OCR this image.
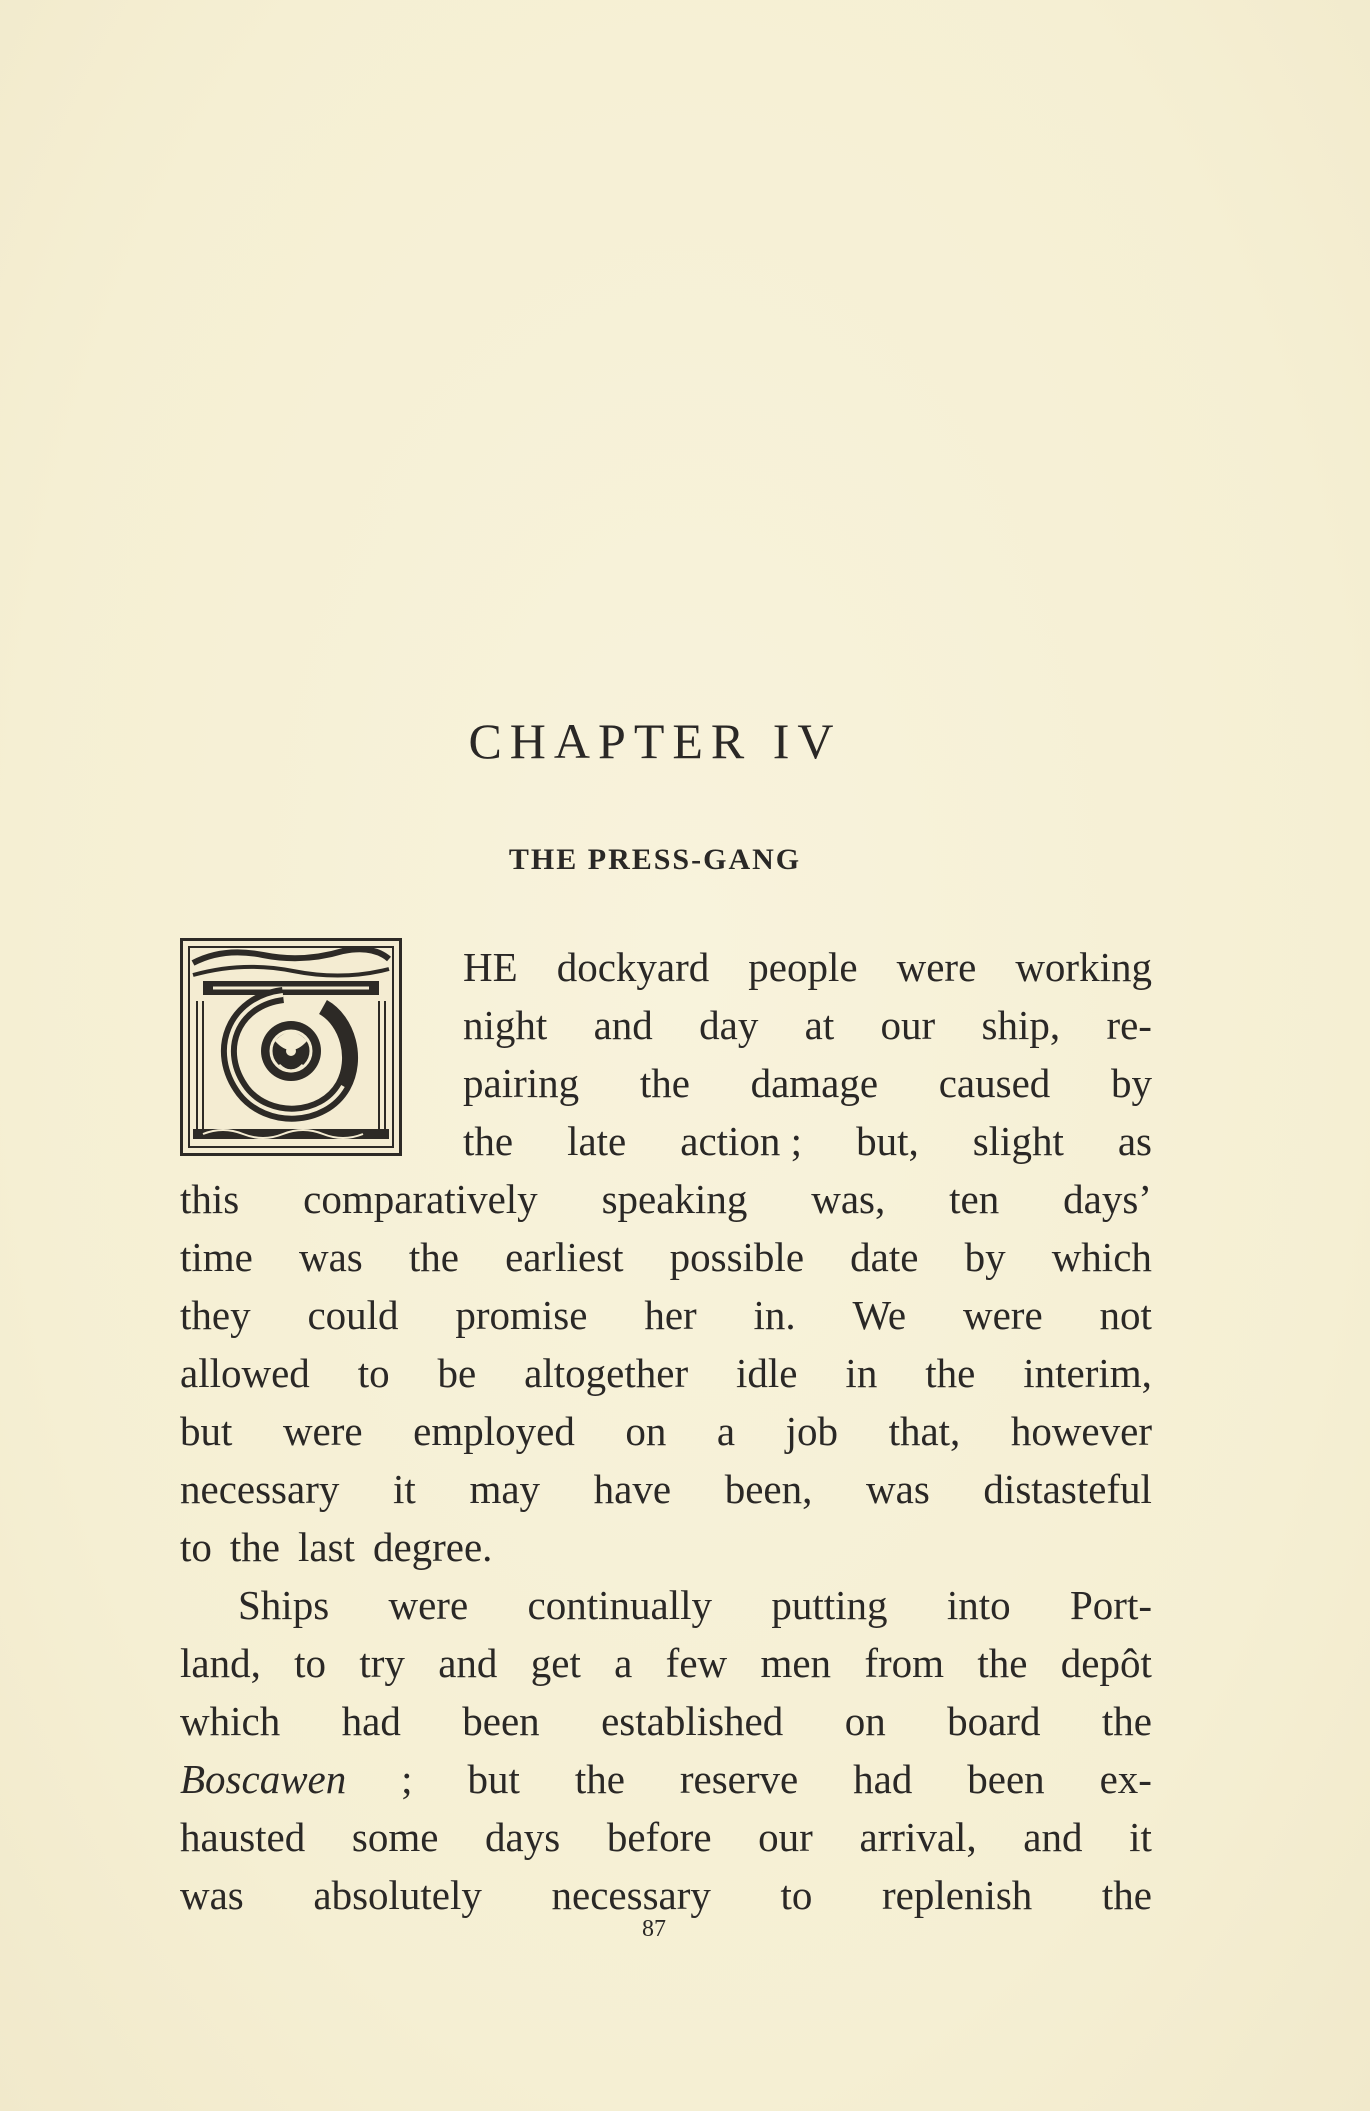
CHAPTER IV
THE PRESS-GANG
HE dockyard people were working
night and day at our ship, re-
pairing the damage caused by
the late action ; but, slight as
this comparatively speaking was, ten days’
time was the earliest possible date by which
they could promise her in. We were not
allowed to be altogether idle in the interim,
but were employed on a job that, however
necessary it may have been, was distasteful
to the last degree.
Ships were continually putting into Port-
land, to try and get a few men from the depôt
which had been established on board the
Boscawen ; but the reserve had been ex-
hausted some days before our arrival, and it
was absolutely necessary to replenish the

87
